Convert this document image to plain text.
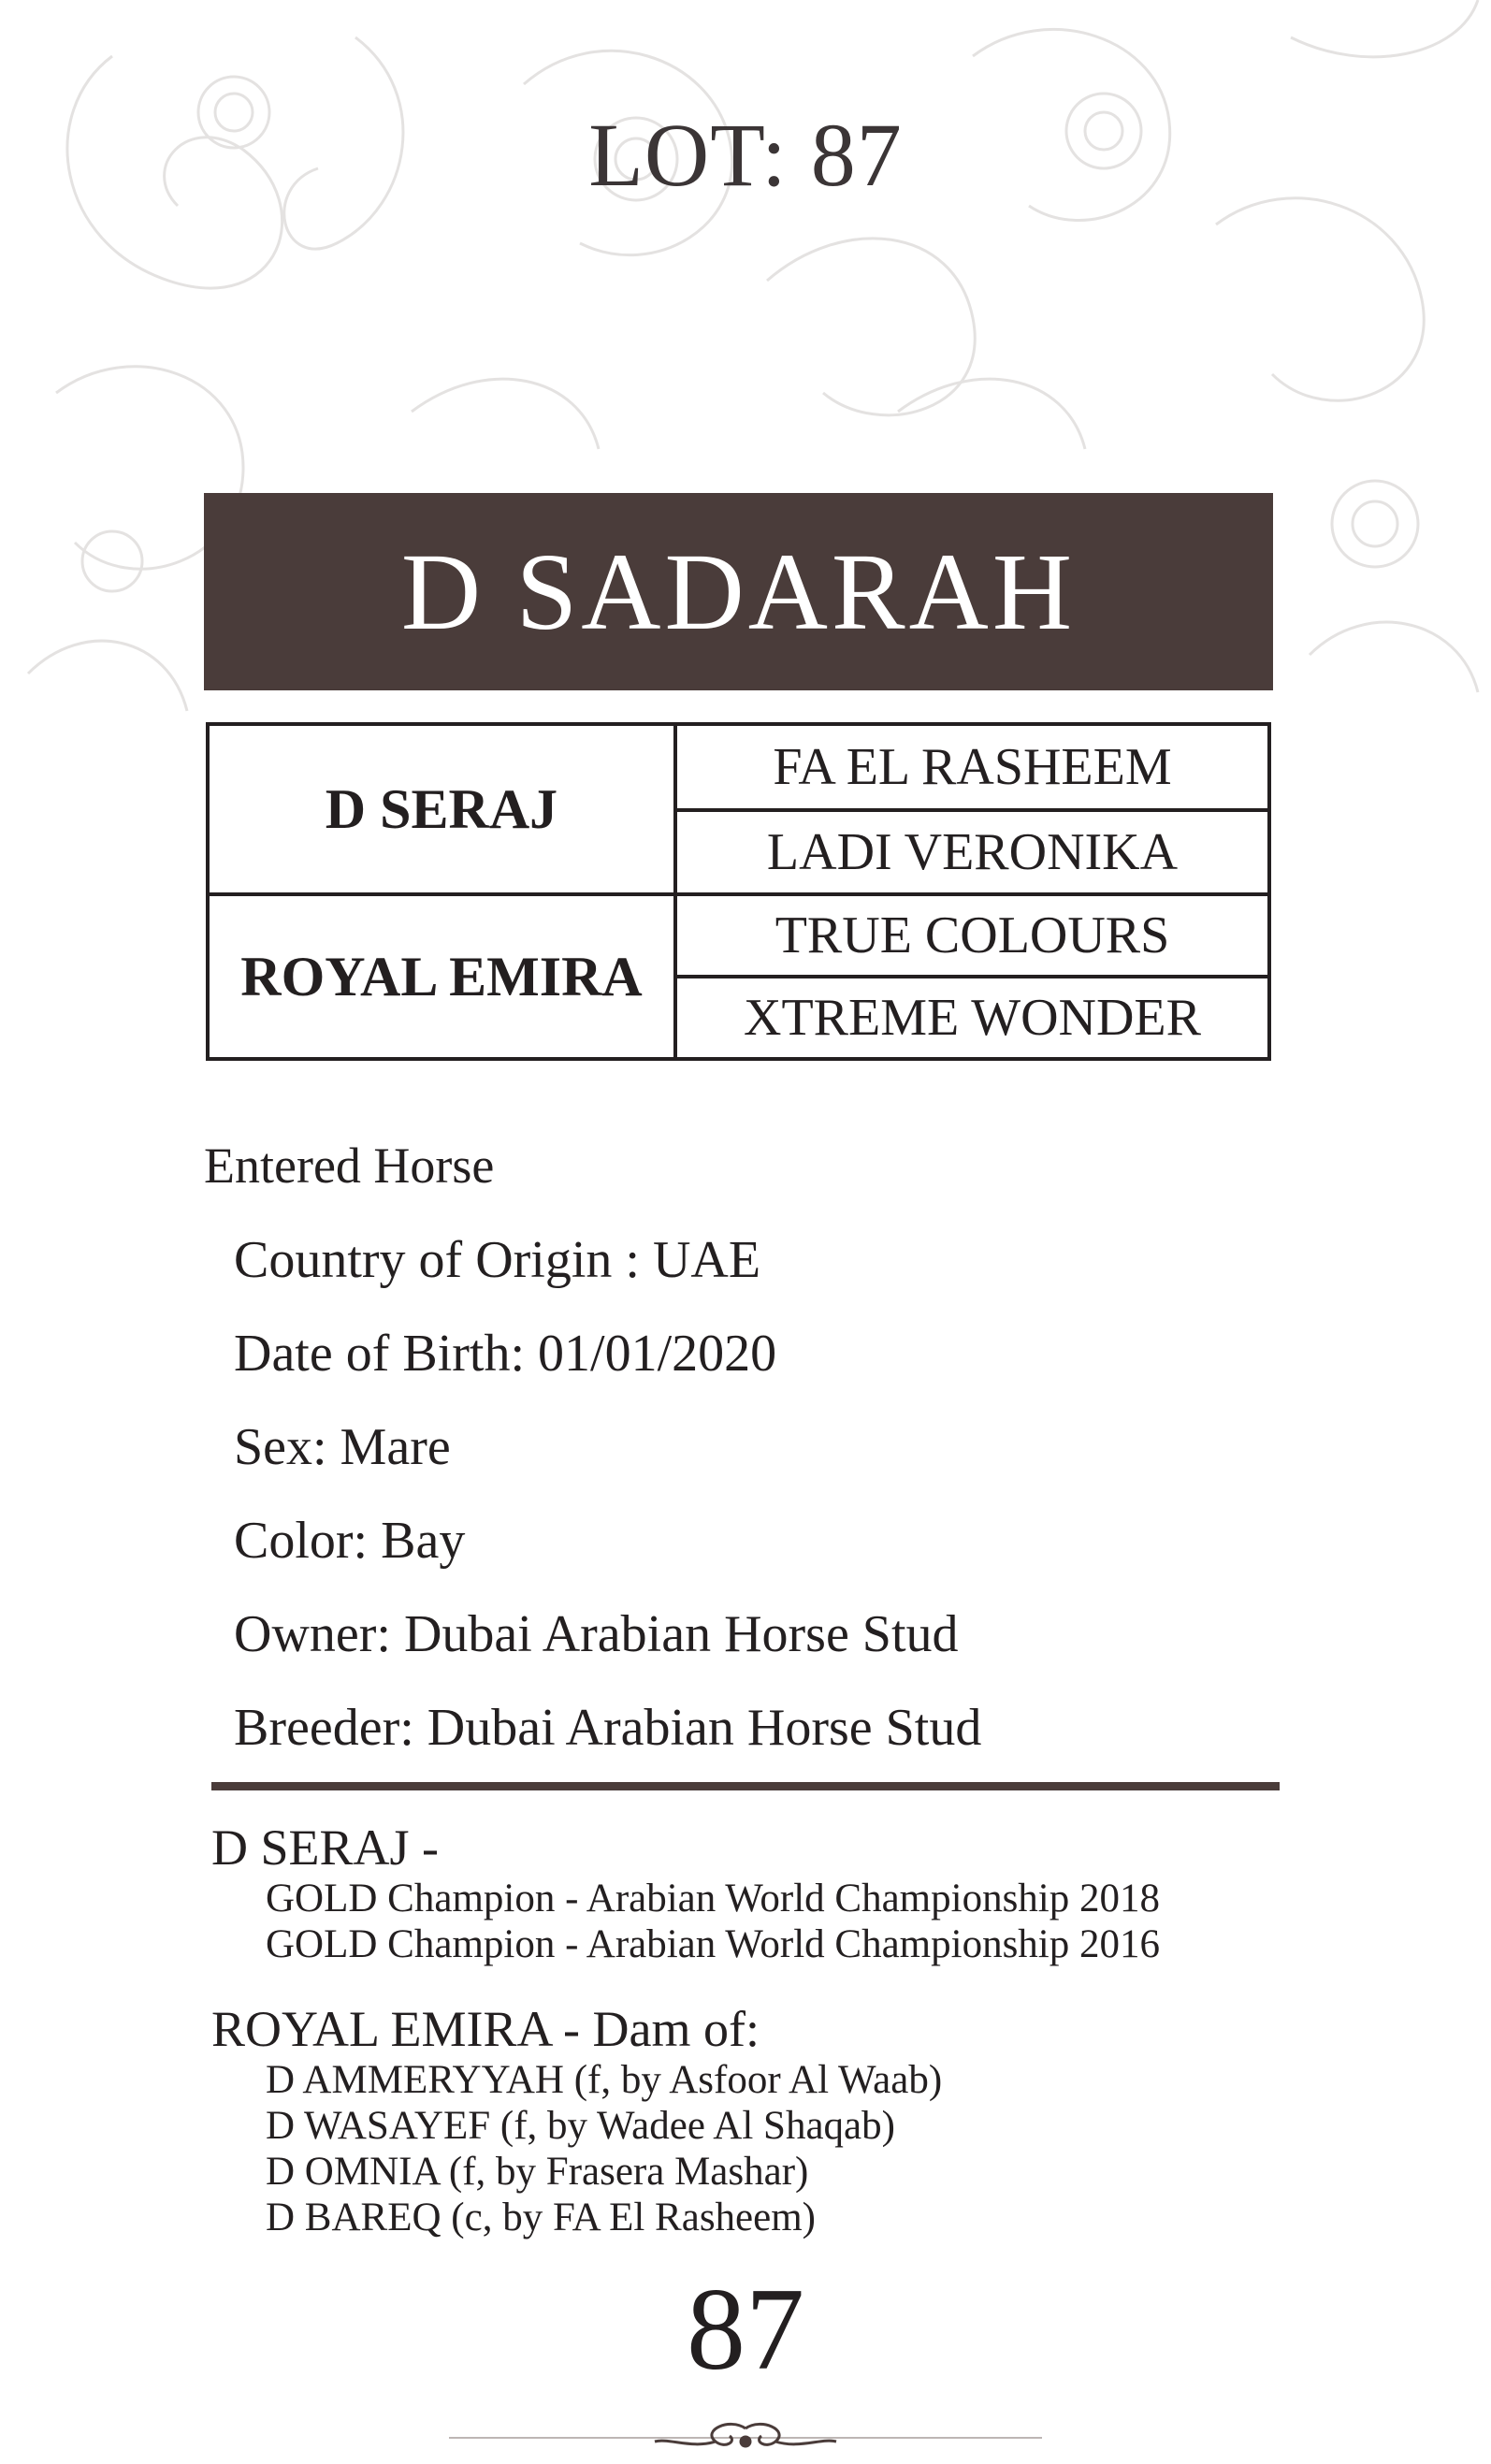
LOT: 87
D SADARAH
D SERAJ
ROYAL EMIRA
FA EL RASHEEM
LADI VERONIKA
TRUE COLOURS
XTREME WONDER
Entered Horse
Country of Origin : UAE
Date of Birth: 01/01/2020
Sex: Mare
Color: Bay
Owner: Dubai Arabian Horse Stud
Breeder: Dubai Arabian Horse Stud
D SERAJ -
GOLD Champion - Arabian World Championship 2018
GOLD Champion - Arabian World Championship 2016
ROYAL EMIRA - Dam of:
D AMMERYYAH (f, by Asfoor Al Waab)
D WASAYEF (f, by Wadee Al Shaqab)
D OMNIA (f, by Frasera Mashar)
D BAREQ (c, by FA El Rasheem)
87
